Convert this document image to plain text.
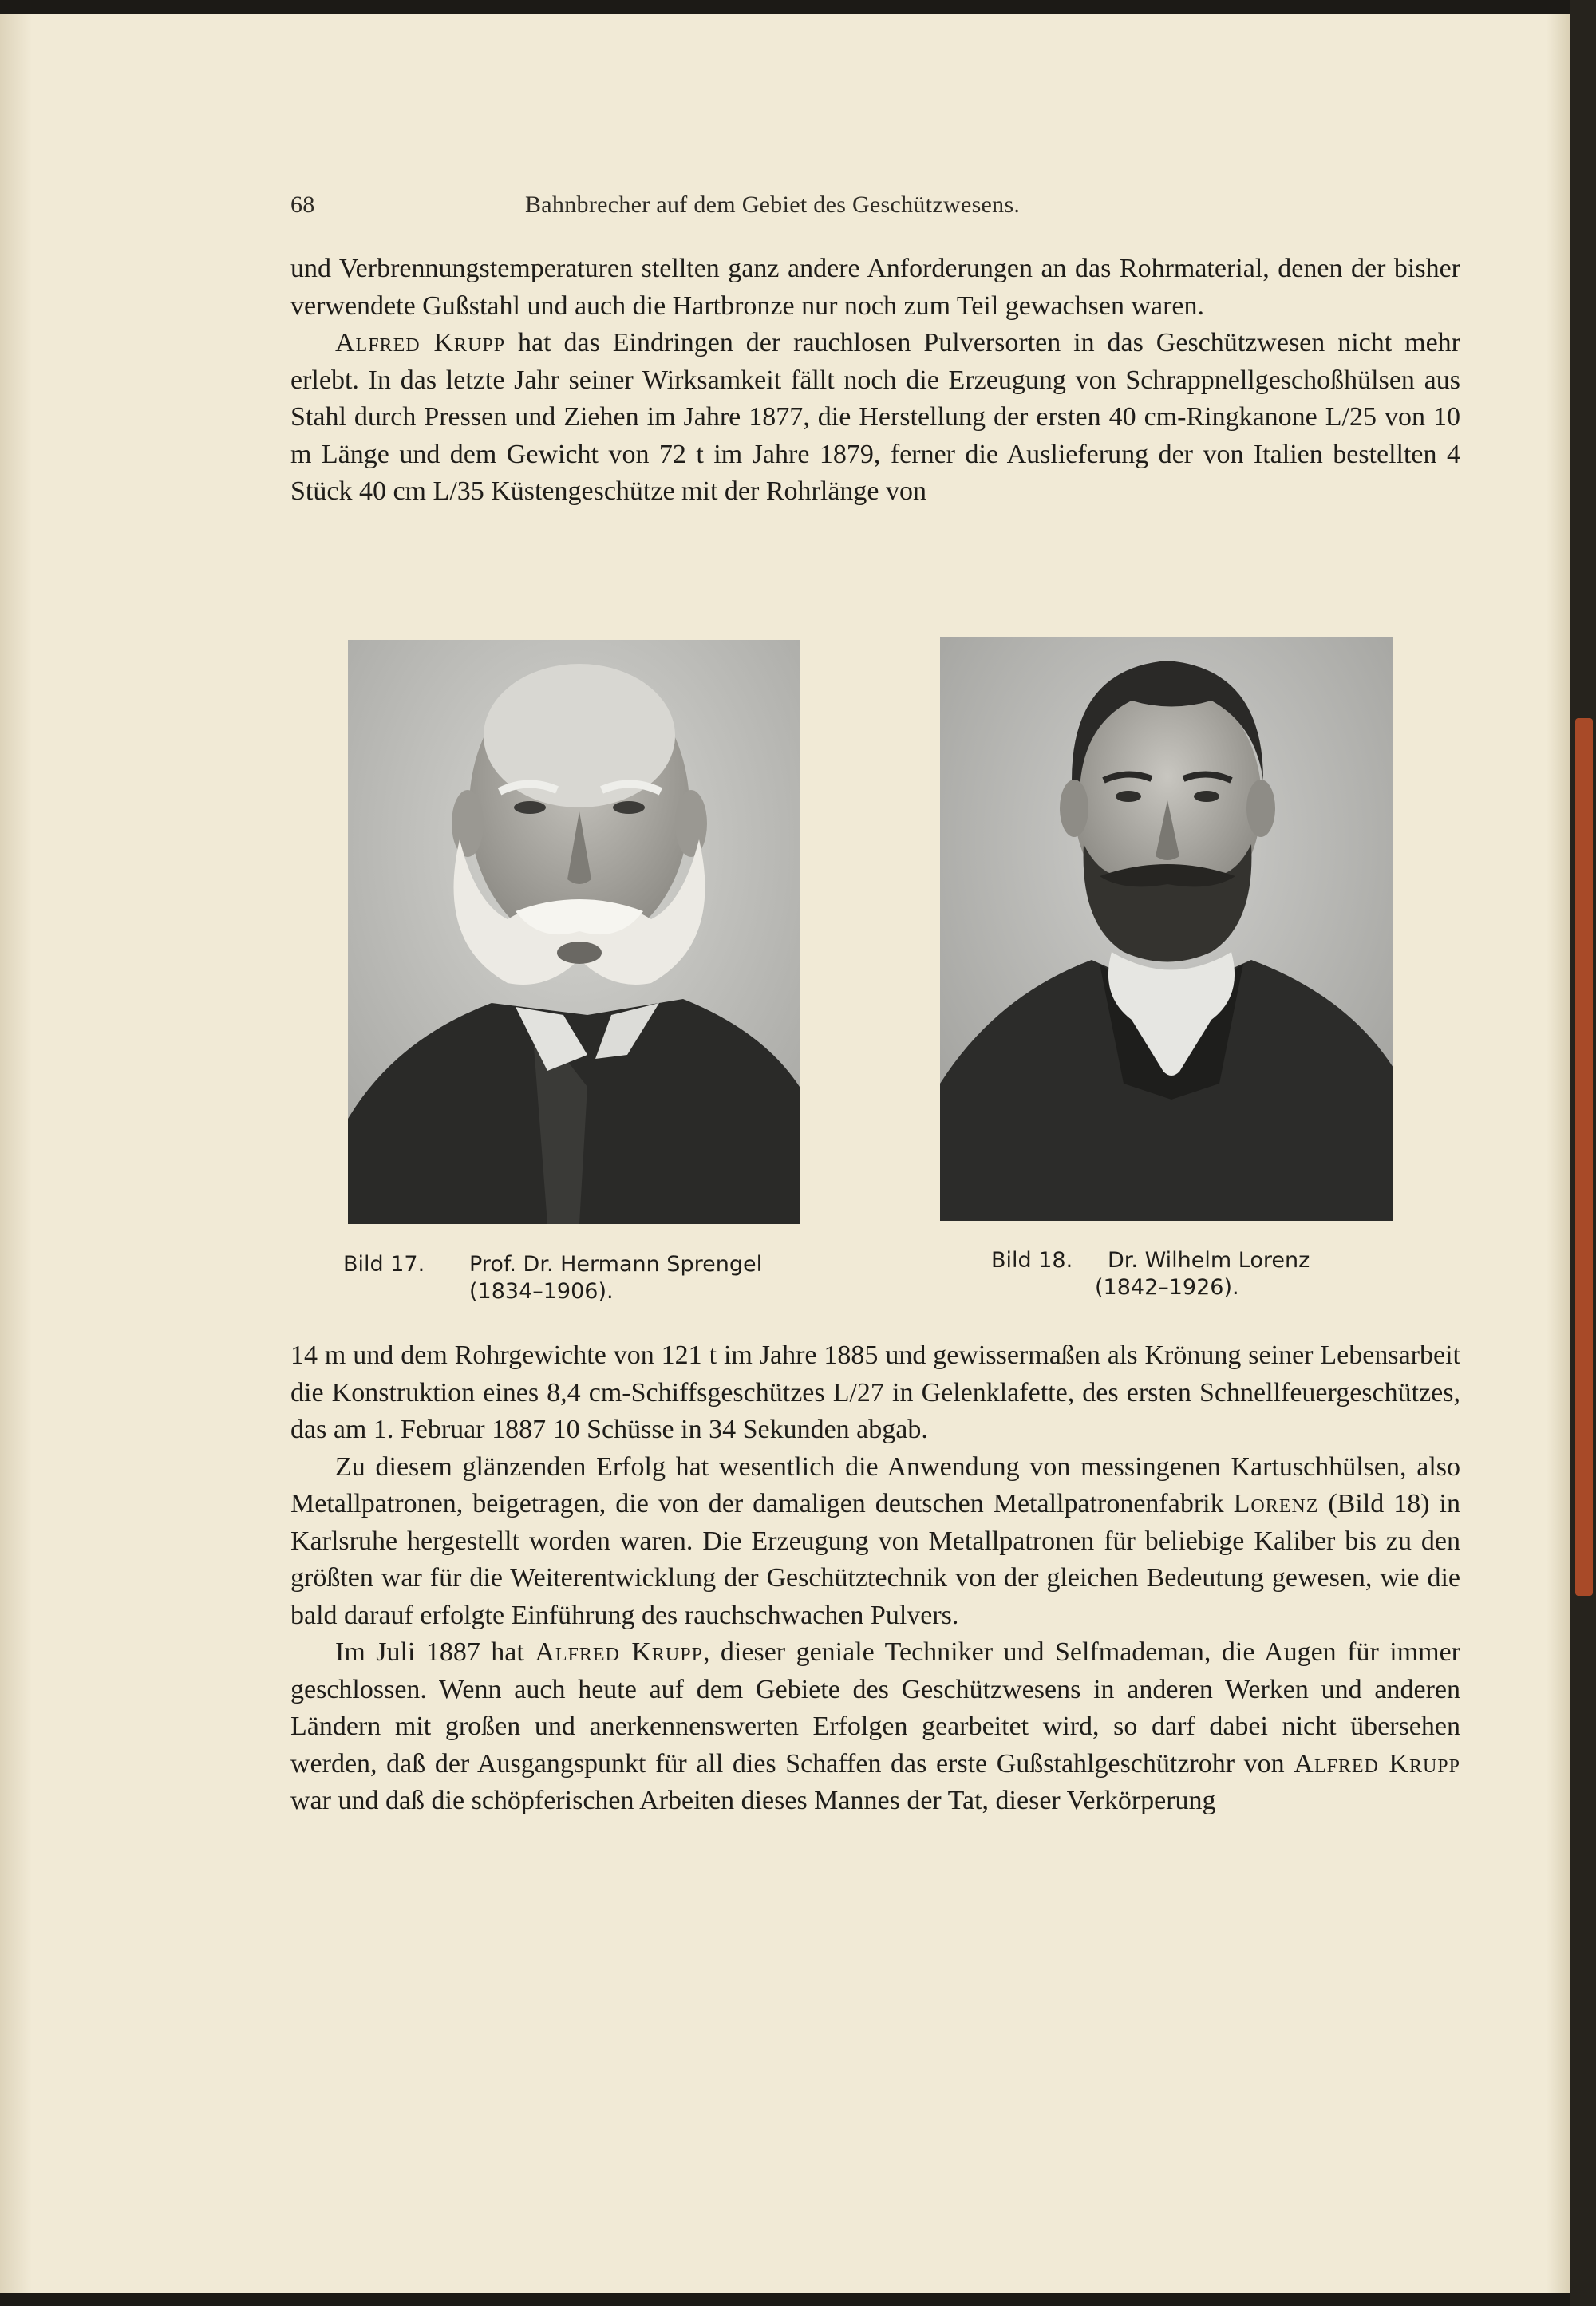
68	Bahnbrecher auf dem Gebiet des Geschützwesens.

und Verbrennungstemperaturen stellten ganz andere Anforderungen an das Rohrmaterial, denen der bisher verwendete Gußstahl und auch die Hartbronze nur noch zum Teil gewachsen waren.

Alfred Krupp hat das Eindringen der rauchlosen Pulversorten in das Geschützwesen nicht mehr erlebt. In das letzte Jahr seiner Wirksamkeit fällt noch die Erzeugung von Schrappnellgeschoßhülsen aus Stahl durch Pressen und Ziehen im Jahre 1877, die Herstellung der ersten 40 cm-Ringkanone L/25 von 10 m Länge und dem Gewicht von 72 t im Jahre 1879, ferner die Auslieferung der von Italien bestellten 4 Stück 40 cm L/35 Küstengeschütze mit der Rohrlänge von

Bild 17. Prof. Dr. Hermann Sprengel
(1834–1906).
Bild 18. Dr. Wilhelm Lorenz
(1842–1926).

14 m und dem Rohrgewichte von 121 t im Jahre 1885 und gewissermaßen als Krönung seiner Lebensarbeit die Konstruktion eines 8,4 cm-Schiffsgeschützes L/27 in Gelenklafette, des ersten Schnellfeuergeschützes, das am 1. Februar 1887 10 Schüsse in 34 Sekunden abgab.

Zu diesem glänzenden Erfolg hat wesentlich die Anwendung von messingenen Kartuschhülsen, also Metallpatronen, beigetragen, die von der damaligen deutschen Metallpatronenfabrik Lorenz (Bild 18) in Karlsruhe hergestellt worden waren. Die Erzeugung von Metallpatronen für beliebige Kaliber bis zu den größten war für die Weiterentwicklung der Geschütztechnik von der gleichen Bedeutung gewesen, wie die bald darauf erfolgte Einführung des rauchschwachen Pulvers.

Im Juli 1887 hat Alfred Krupp, dieser geniale Techniker und Selfmademan, die Augen für immer geschlossen. Wenn auch heute auf dem Gebiete des Geschützwesens in anderen Werken und anderen Ländern mit großen und anerkennenswerten Erfolgen gearbeitet wird, so darf dabei nicht übersehen werden, daß der Ausgangspunkt für all dies Schaffen das erste Gußstahlgeschützrohr von Alfred Krupp war und daß die schöpferischen Arbeiten dieses Mannes der Tat, dieser Verkörperung
